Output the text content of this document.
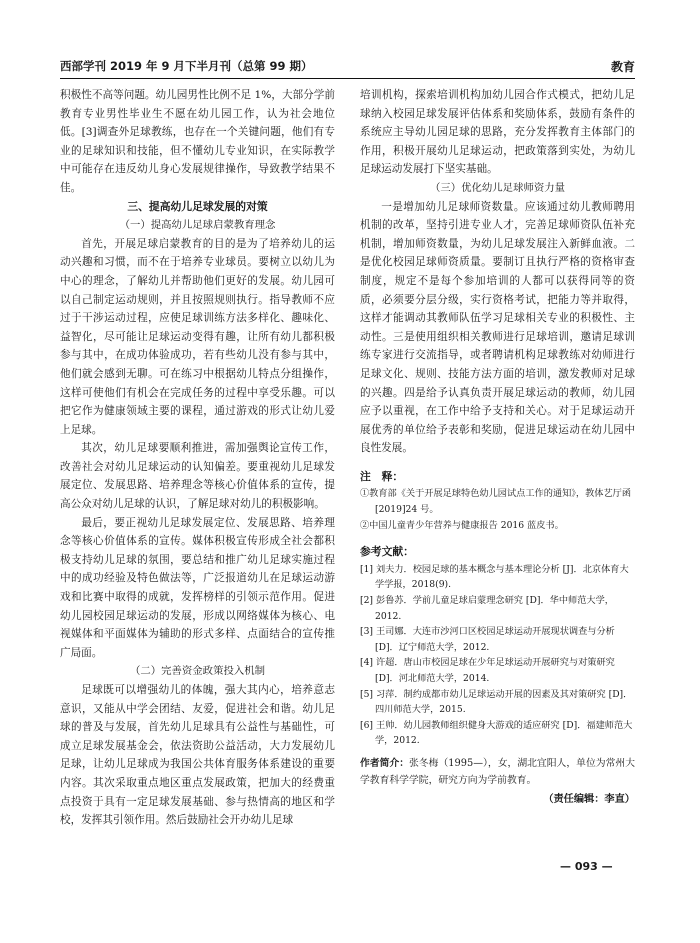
西部学刊 2019 年 9 月下半月刊（总第 99 期）	教育

积极性不高等问题。幼儿园男性比例不足 1%，大部分学前教育专业男性毕业生不愿在幼儿园工作，认为社会地位低。[3]调查外足球教练，也存在一个关键问题，他们有专业的足球知识和技能，但不懂幼儿专业知识，在实际教学中可能存在违反幼儿身心发展规律操作，导致教学结果不佳。

三、提高幼儿足球发展的对策

（一）提高幼儿足球启蒙教育理念

首先，开展足球启蒙教育的目的是为了培养幼儿的运动兴趣和习惯，而不在于培养专业球员。要树立以幼儿为中心的理念，了解幼儿并帮助他们更好的发展。幼儿园可以自己制定运动规则，并且按照规则执行。指导教师不应过于干涉运动过程，应使足球训练方法多样化、趣味化、益智化，尽可能让足球运动变得有趣，让所有幼儿都积极参与其中，在成功体验成功，若有些幼儿没有参与其中，他们就会感到无聊。可在练习中根据幼儿特点分组操作，这样可使他们有机会在完成任务的过程中享受乐趣。可以把它作为健康领域主要的课程，通过游戏的形式让幼儿爱上足球。

其次，幼儿足球要顺利推进，需加强舆论宣传工作，改善社会对幼儿足球运动的认知偏差。要重视幼儿足球发展定位、发展思路、培养理念等核心价值体系的宣传，提高公众对幼儿足球的认识，了解足球对幼儿的积极影响。

最后，要正视幼儿足球发展定位、发展思路、培养理念等核心价值体系的宣传。媒体积极宣传形成全社会都积极支持幼儿足球的氛围，要总结和推广幼儿足球实施过程中的成功经验及特色做法等，广泛报道幼儿在足球运动游戏和比赛中取得的成就，发挥榜样的引领示范作用。促进幼儿园校园足球运动的发展，形成以网络媒体为核心、电视媒体和平面媒体为辅助的形式多样、点面结合的宣传推广局面。

（二）完善资金政策投入机制

足球既可以增强幼儿的体魄，强大其内心，培养意志意识，又能从中学会团结、友爱，促进社会和谐。幼儿足球的普及与发展，首先幼儿足球具有公益性与基础性，可成立足球发展基金会，依法资助公益活动，大力发展幼儿足球，让幼儿足球成为我国公共体育服务体系建设的重要内容。其次采取重点地区重点发展政策，把加大的经费重点投资于具有一定足球发展基础、参与热情高的地区和学校，发挥其引领作用。然后鼓励社会开办幼儿足球

培训机构，探索培训机构加幼儿园合作式模式，把幼儿足球纳入校园足球发展评估体系和奖励体系，鼓励有条件的系统应主导幼儿园足球的思路，充分发挥教育主体部门的作用，积极开展幼儿足球运动，把政策落到实处，为幼儿足球运动发展打下坚实基础。

（三）优化幼儿足球师资力量

一是增加幼儿足球师资数量。应该通过幼儿教师聘用机制的改革，坚持引进专业人才，完善足球师资队伍补充机制，增加师资数量，为幼儿足球发展注入新鲜血液。二是优化校园足球师资质量。要制订且执行严格的资格审查制度，规定不是每个参加培训的人都可以获得同等的资质，必须要分层分级，实行资格考试，把能力等并取得，这样才能调动其教师队伍学习足球相关专业的积极性、主动性。三是使用组织相关教师进行足球培训，邀请足球训练专家进行交流指导，或者聘请机构足球教练对幼师进行足球文化、规则、技能方法方面的培训，激发教师对足球的兴趣。四是给予认真负责开展足球运动的教师，幼儿园应予以重视，在工作中给予支持和关心。对于足球运动开展优秀的单位给予表彰和奖励，促进足球运动在幼儿园中良性发展。

注　释：
①教育部《关于开展足球特色幼儿园试点工作的通知》，教体艺厅函 [2019]24 号。
②中国儿童青少年营养与健康报告 2016 蓝皮书。
参考文献：
[1] 刘夫力．校园足球的基本概念与基本理论分析 [J]．北京体育大学学报，2018(9).
[2] 彭鲁苏．学前儿童足球启蒙理念研究 [D]．华中师范大学，2012.
[3] 王司娜．大连市沙河口区校园足球运动开展现状调查与分析 [D]．辽宁师范大学，2012.
[4] 许超．唐山市校园足球在少年足球运动开展研究与对策研究 [D]．河北师范大学，2014.
[5] 习萍．制约成都市幼儿足球运动开展的因素及其对策研究 [D]．四川师范大学，2015.
[6] 王帅．幼儿园教师组织健身大游戏的适应研究 [D]．福建师范大学，2012.

作者简介：张冬梅（1995—），女，湖北宜阳人，单位为常州大学教育科学学院，研究方向为学前教育。

（责任编辑：李直）
— 093 —
